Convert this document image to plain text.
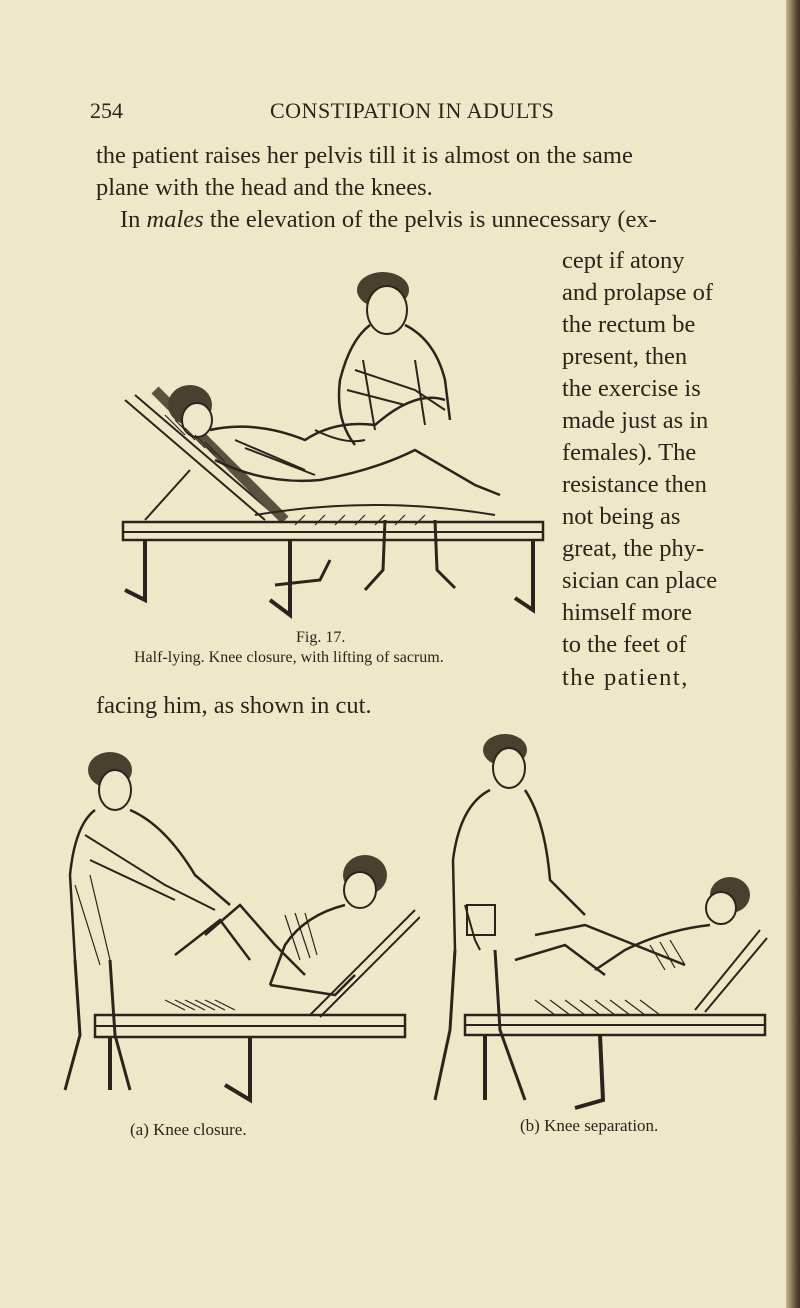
254	CONSTIPATION IN ADULTS
the patient raises her pelvis till it is almost on the same
plane with the head and the knees.
In males the elevation of the pelvis is unnecessary (ex-
cept if atony
and prolapse of
the rectum be
present, then
the exercise is
made just as in
females). The
resistance then
not being as
great, the phy-
sician can place
himself more
to the feet of
the patient,
Fig. 17.
Half-lying. Knee closure, with lifting of sacrum.
facing him, as shown in cut.
(a) Knee closure.	(b) Knee separation.
